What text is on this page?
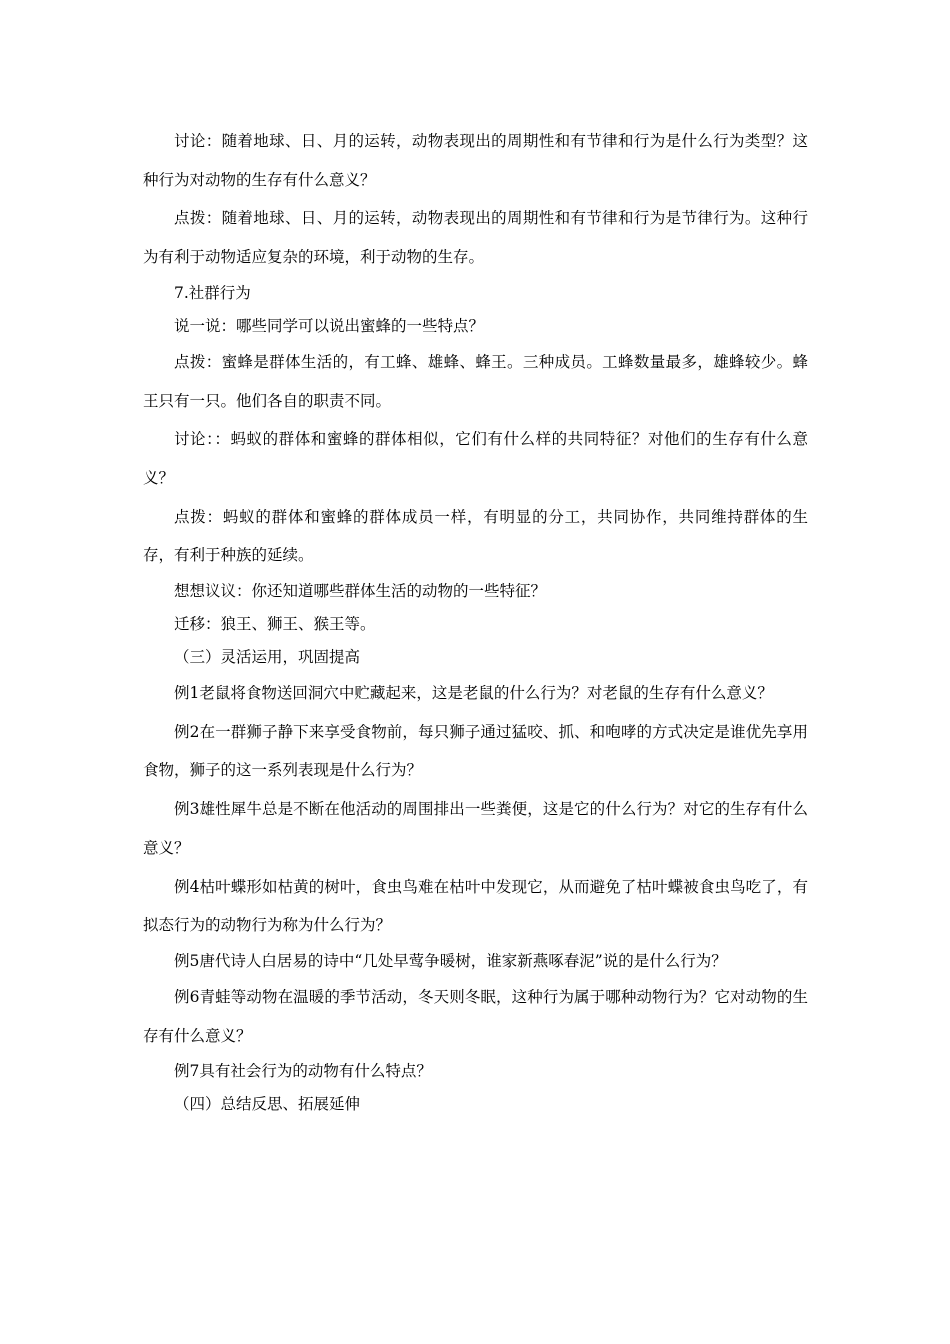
讨论：随着地球、日、月的运转，动物表现出的周期性和有节律和行为是什么行为类型？这种行为对动物的生存有什么意义？

点拨：随着地球、日、月的运转，动物表现出的周期性和有节律和行为是节律行为。这种行为有利于动物适应复杂的环境，利于动物的生存。

7.社群行为

说一说：哪些同学可以说出蜜蜂的一些特点？

点拨：蜜蜂是群体生活的，有工蜂、雄蜂、蜂王。三种成员。工蜂数量最多，雄蜂较少。蜂王只有一只。他们各自的职责不同。

讨论：：蚂蚁的群体和蜜蜂的群体相似，它们有什么样的共同特征？对他们的生存有什么意义？

点拨：蚂蚁的群体和蜜蜂的群体成员一样，有明显的分工，共同协作，共同维持群体的生存，有利于种族的延续。

想想议议：你还知道哪些群体生活的动物的一些特征？

迁移：狼王、狮王、猴王等。

（三）灵活运用，巩固提高

例1老鼠将食物送回洞穴中贮藏起来，这是老鼠的什么行为？对老鼠的生存有什么意义？

例2在一群狮子静下来享受食物前，每只狮子通过猛咬、抓、和咆哮的方式决定是谁优先享用食物，狮子的这一系列表现是什么行为？

例3雄性犀牛总是不断在他活动的周围排出一些粪便，这是它的什么行为？对它的生存有什么意义？

例4枯叶蝶形如枯黄的树叶，食虫鸟难在枯叶中发现它，从而避免了枯叶蝶被食虫鸟吃了，有拟态行为的动物行为称为什么行为？

例5唐代诗人白居易的诗中“几处早莺争暖树，谁家新燕啄春泥”说的是什么行为？

例6青蛙等动物在温暖的季节活动，冬天则冬眠，这种行为属于哪种动物行为？它对动物的生存有什么意义？

例7具有社会行为的动物有什么特点？

（四）总结反思、拓展延伸
